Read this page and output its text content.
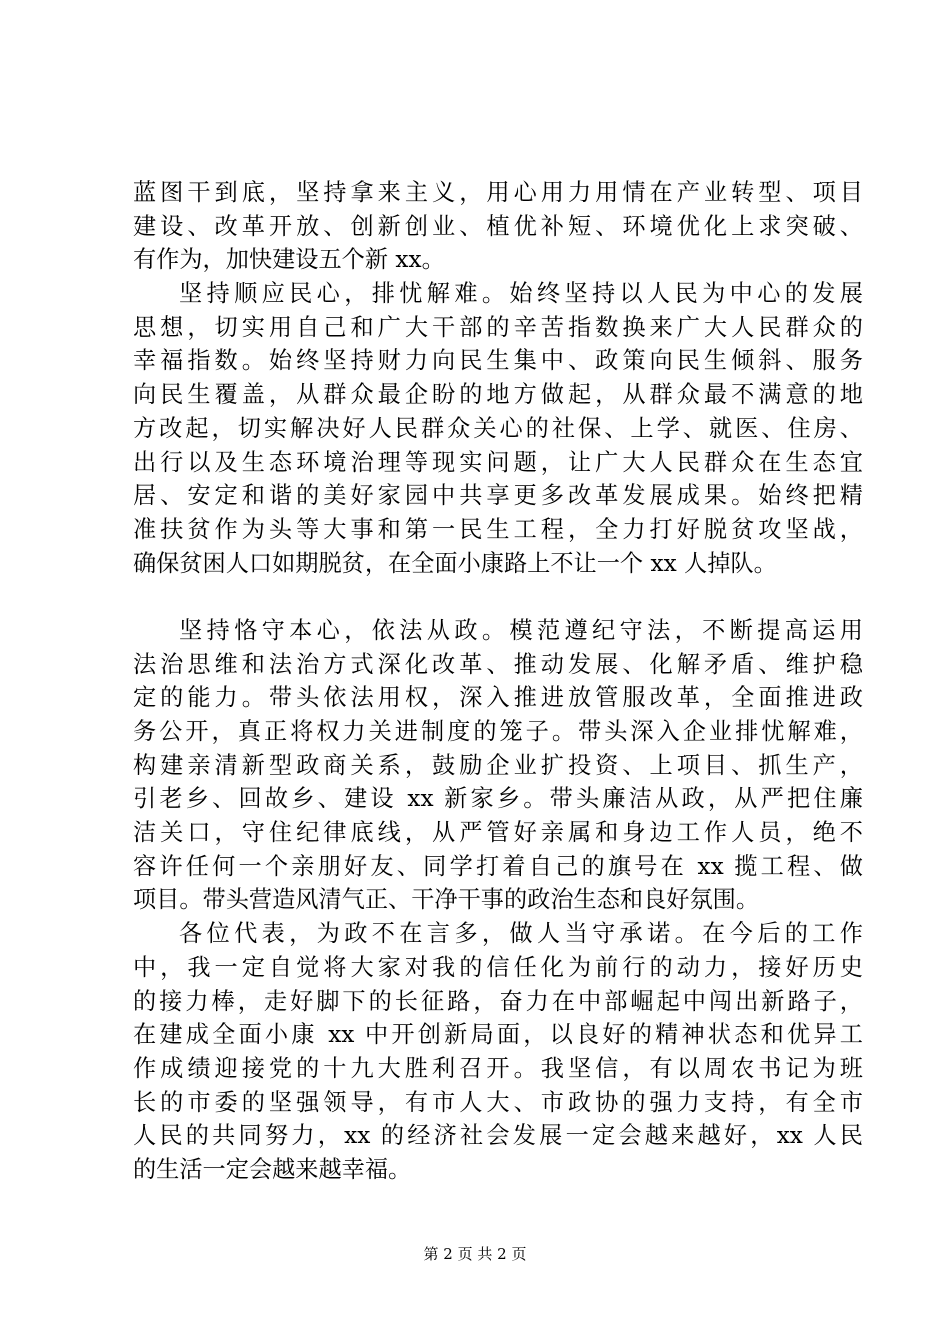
蓝图干到底，坚持拿来主义，用心用力用情在产业转型、项目
建设、改革开放、创新创业、植优补短、环境优化上求突破、
有作为，加快建设五个新 xx。
坚持顺应民心，排忧解难。始终坚持以人民为中心的发展
思想，切实用自己和广大干部的辛苦指数换来广大人民群众的
幸福指数。始终坚持财力向民生集中、政策向民生倾斜、服务
向民生覆盖，从群众最企盼的地方做起，从群众最不满意的地
方改起，切实解决好人民群众关心的社保、上学、就医、住房、
出行以及生态环境治理等现实问题，让广大人民群众在生态宜
居、安定和谐的美好家园中共享更多改革发展成果。始终把精
准扶贫作为头等大事和第一民生工程，全力打好脱贫攻坚战，
确保贫困人口如期脱贫，在全面小康路上不让一个 xx 人掉队。
坚持恪守本心，依法从政。模范遵纪守法，不断提高运用
法治思维和法治方式深化改革、推动发展、化解矛盾、维护稳
定的能力。带头依法用权，深入推进放管服改革，全面推进政
务公开，真正将权力关进制度的笼子。带头深入企业排忧解难，
构建亲清新型政商关系，鼓励企业扩投资、上项目、抓生产，
引老乡、回故乡、建设 xx 新家乡。带头廉洁从政，从严把住廉
洁关口，守住纪律底线，从严管好亲属和身边工作人员，绝不
容许任何一个亲朋好友、同学打着自己的旗号在 xx 揽工程、做
项目。带头营造风清气正、干净干事的政治生态和良好氛围。
各位代表，为政不在言多，做人当守承诺。在今后的工作
中，我一定自觉将大家对我的信任化为前行的动力，接好历史
的接力棒，走好脚下的长征路，奋力在中部崛起中闯出新路子，
在建成全面小康 xx 中开创新局面，以良好的精神状态和优异工
作成绩迎接党的十九大胜利召开。我坚信，有以周农书记为班
长的市委的坚强领导，有市人大、市政协的强力支持，有全市
人民的共同努力，xx 的经济社会发展一定会越来越好，xx 人民
的生活一定会越来越幸福。
第 2 页 共 2 页
